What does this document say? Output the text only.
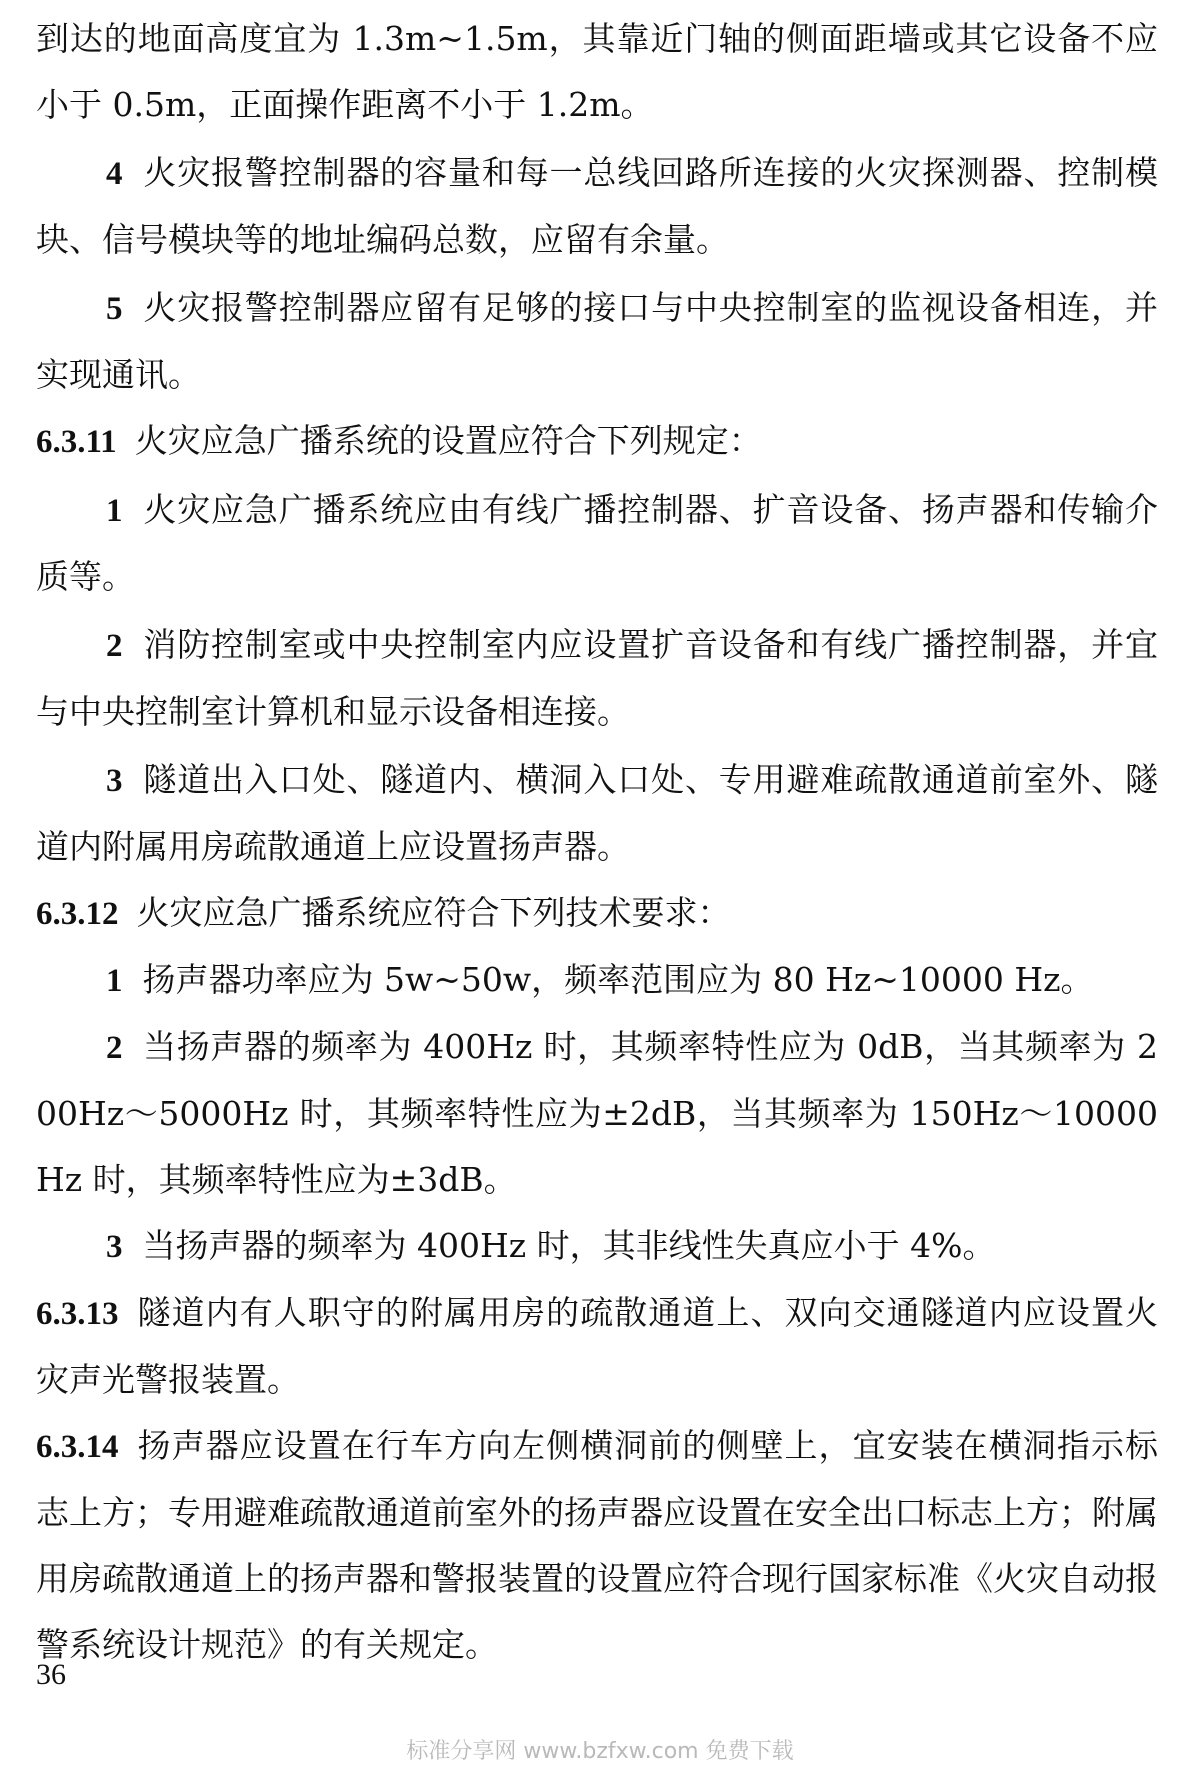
到达的地面高度宜为 1.3m~1.5m，其靠近门轴的侧面距墙或其它设备不应小于 0.5m，正面操作距离不小于 1.2m。

4 火灾报警控制器的容量和每一总线回路所连接的火灾探测器、控制模块、信号模块等的地址编码总数，应留有余量。

5 火灾报警控制器应留有足够的接口与中央控制室的监视设备相连，并实现通讯。

6.3.11 火灾应急广播系统的设置应符合下列规定：

1 火灾应急广播系统应由有线广播控制器、扩音设备、扬声器和传输介质等。

2 消防控制室或中央控制室内应设置扩音设备和有线广播控制器，并宜与中央控制室计算机和显示设备相连接。

3 隧道出入口处、隧道内、横洞入口处、专用避难疏散通道前室外、隧道内附属用房疏散通道上应设置扬声器。

6.3.12 火灾应急广播系统应符合下列技术要求：

1 扬声器功率应为 5w~50w，频率范围应为 80 Hz~10000 Hz。

2 当扬声器的频率为 400Hz 时，其频率特性应为 0dB，当其频率为 200Hz～5000Hz 时，其频率特性应为±2dB，当其频率为 150Hz～10000Hz 时，其频率特性应为±3dB。

3 当扬声器的频率为 400Hz 时，其非线性失真应小于 4%。

6.3.13 隧道内有人职守的附属用房的疏散通道上、双向交通隧道内应设置火灾声光警报装置。

6.3.14 扬声器应设置在行车方向左侧横洞前的侧壁上，宜安装在横洞指示标志上方；专用避难疏散通道前室外的扬声器应设置在安全出口标志上方；附属用房疏散通道上的扬声器和警报装置的设置应符合现行国家标准《火灾自动报警系统设计规范》的有关规定。

36
标准分享网 www.bzfxw.com 免费下载
